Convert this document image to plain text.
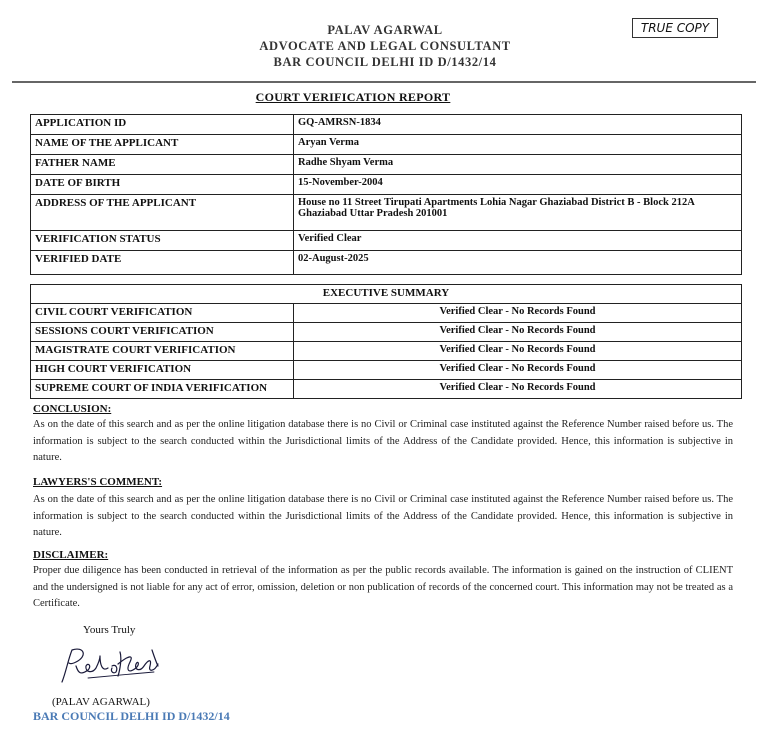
PALAV AGARWAL
ADVOCATE AND LEGAL CONSULTANT
BAR COUNCIL DELHI ID D/1432/14
TRUE COPY
COURT VERIFICATION REPORT
APPLICATION ID	GQ-AMRSN-1834
NAME OF THE APPLICANT	Aryan Verma
FATHER NAME	Radhe Shyam Verma
DATE OF BIRTH	15-November-2004
ADDRESS OF THE APPLICANT	House no 11 Street Tirupati Apartments Lohia Nagar Ghaziabad District B - Block 212A Ghaziabad Uttar Pradesh 201001
VERIFICATION STATUS	Verified Clear
VERIFIED DATE	02-August-2025
EXECUTIVE SUMMARY	
CIVIL COURT VERIFICATION	Verified Clear - No Records Found
SESSIONS COURT VERIFICATION	Verified Clear - No Records Found
MAGISTRATE COURT VERIFICATION	Verified Clear - No Records Found
HIGH COURT VERIFICATION	Verified Clear - No Records Found
SUPREME COURT OF INDIA VERIFICATION	Verified Clear - No Records Found
CONCLUSION:
As on the date of this search and as per the online litigation database there is no Civil or Criminal case instituted against the Reference Number raised before us. The information is subject to the search conducted within the Jurisdictional limits of the Address of the Candidate provided. Hence, this information is subjective in nature.
LAWYERS'S COMMENT:
As on the date of this search and as per the online litigation database there is no Civil or Criminal case instituted against the Reference Number raised before us. The information is subject to the search conducted within the Jurisdictional limits of the Address of the Candidate provided. Hence, this information is subjective in nature.
DISCLAIMER:
Proper due diligence has been conducted in retrieval of the information as per the public records available. The information is gained on the instruction of CLIENT and the undersigned is not liable for any act of error, omission, deletion or non publication of records of the concerned court. This information may not be treated as a Certificate.
Yours Truly
(PALAV AGARWAL)
BAR COUNCIL DELHI ID D/1432/14
